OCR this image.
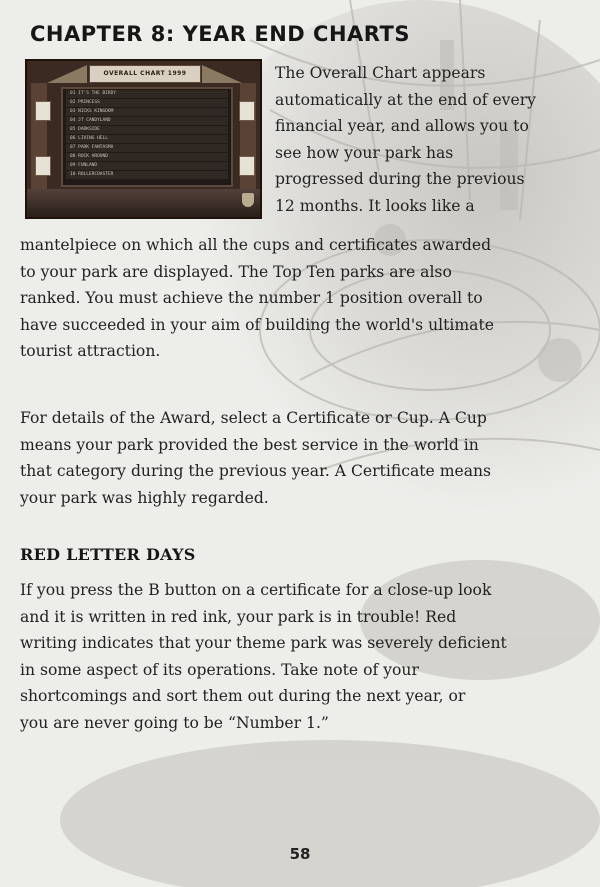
CHAPTER 8: YEAR END CHARTS
OVERALL CHART 1999
01 IT'S THE BIRDY
02 PRINCESS
03 NICKS KINGDOM
04 JT CANDYLAND
05 DARKSIDE
06 LIVING HELL
07 PARK FANTASMA
08 ROCK AROUND
09 FUNLAND
10 ROLLERCOASTER
The Overall Chart appears
automatically at the end of every
financial year, and allows you to
see how your park has
progressed during the previous
12 months. It looks like a
mantelpiece on which all the cups and certificates awarded
to your park are displayed. The Top Ten parks are also
ranked. You must achieve the number 1 position overall to
have succeeded in your aim of building the world's ultimate
tourist attraction.
For details of the Award, select a Certificate or Cup. A Cup
means your park provided the best service in the world in
that category during the previous year. A Certificate means
your park was highly regarded.
RED LETTER DAYS
If you press the B button on a certificate for a close-up look
and it is written in red ink, your park is in trouble! Red
writing indicates that your theme park was severely deficient
in some aspect of its operations. Take note of your
shortcomings and sort them out during the next year, or
you are never going to be “Number 1.”
58
